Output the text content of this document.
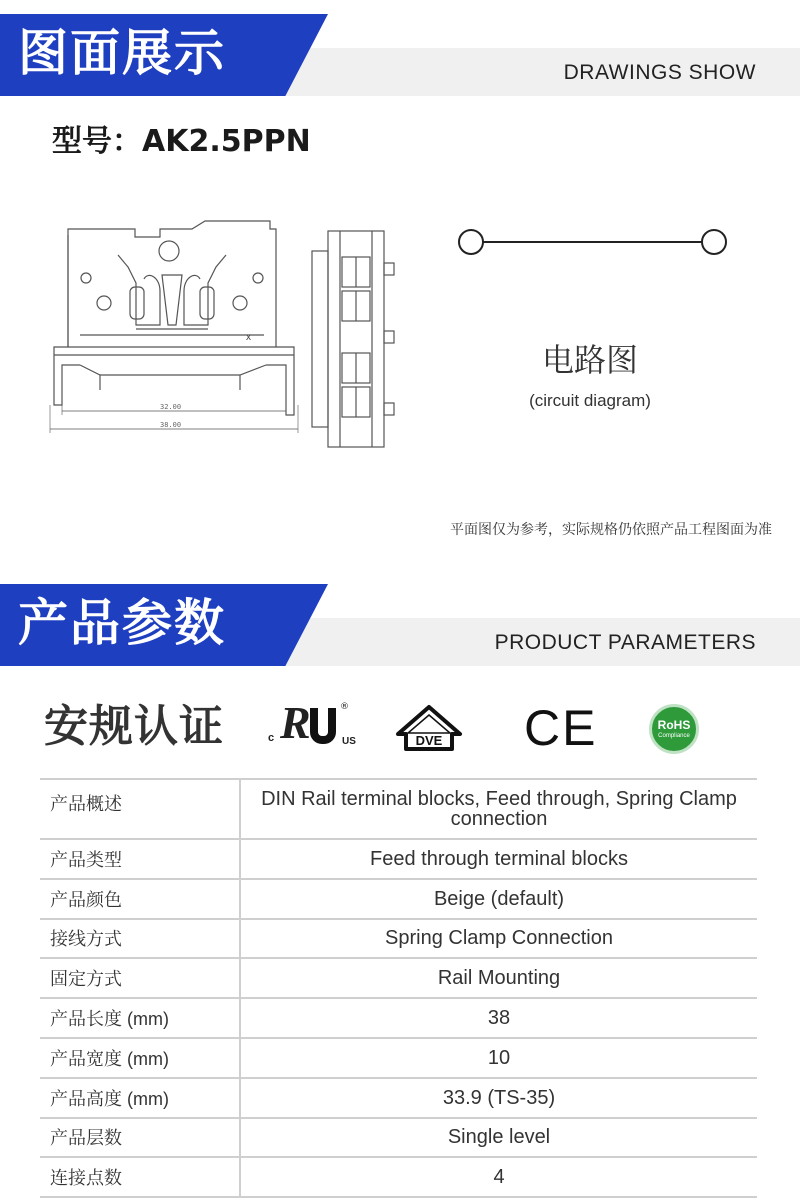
图面展示	DRAWINGS SHOW
型号：AK2.5PPN
x
32.00
38.00
电路图
(circuit diagram)
平面图仅为参考，实际规格仍依照产品工程图面为准
产品参数	PRODUCT PARAMETERS
安规认证	c R	US
®
DVE CE	RoHS
Compliance
产品概述	DIN Rail terminal blocks, Feed through, Spring Clamp
connection

产品类型	Feed through terminal blocks
产品颜色	Beige (default)
接线方式	Spring Clamp Connection
固定方式	Rail Mounting
产品长度 (mm)	38
产品宽度 (mm)	10
产品高度 (mm)	33.9 (TS-35)
产品层数	Single level
连接点数	4
